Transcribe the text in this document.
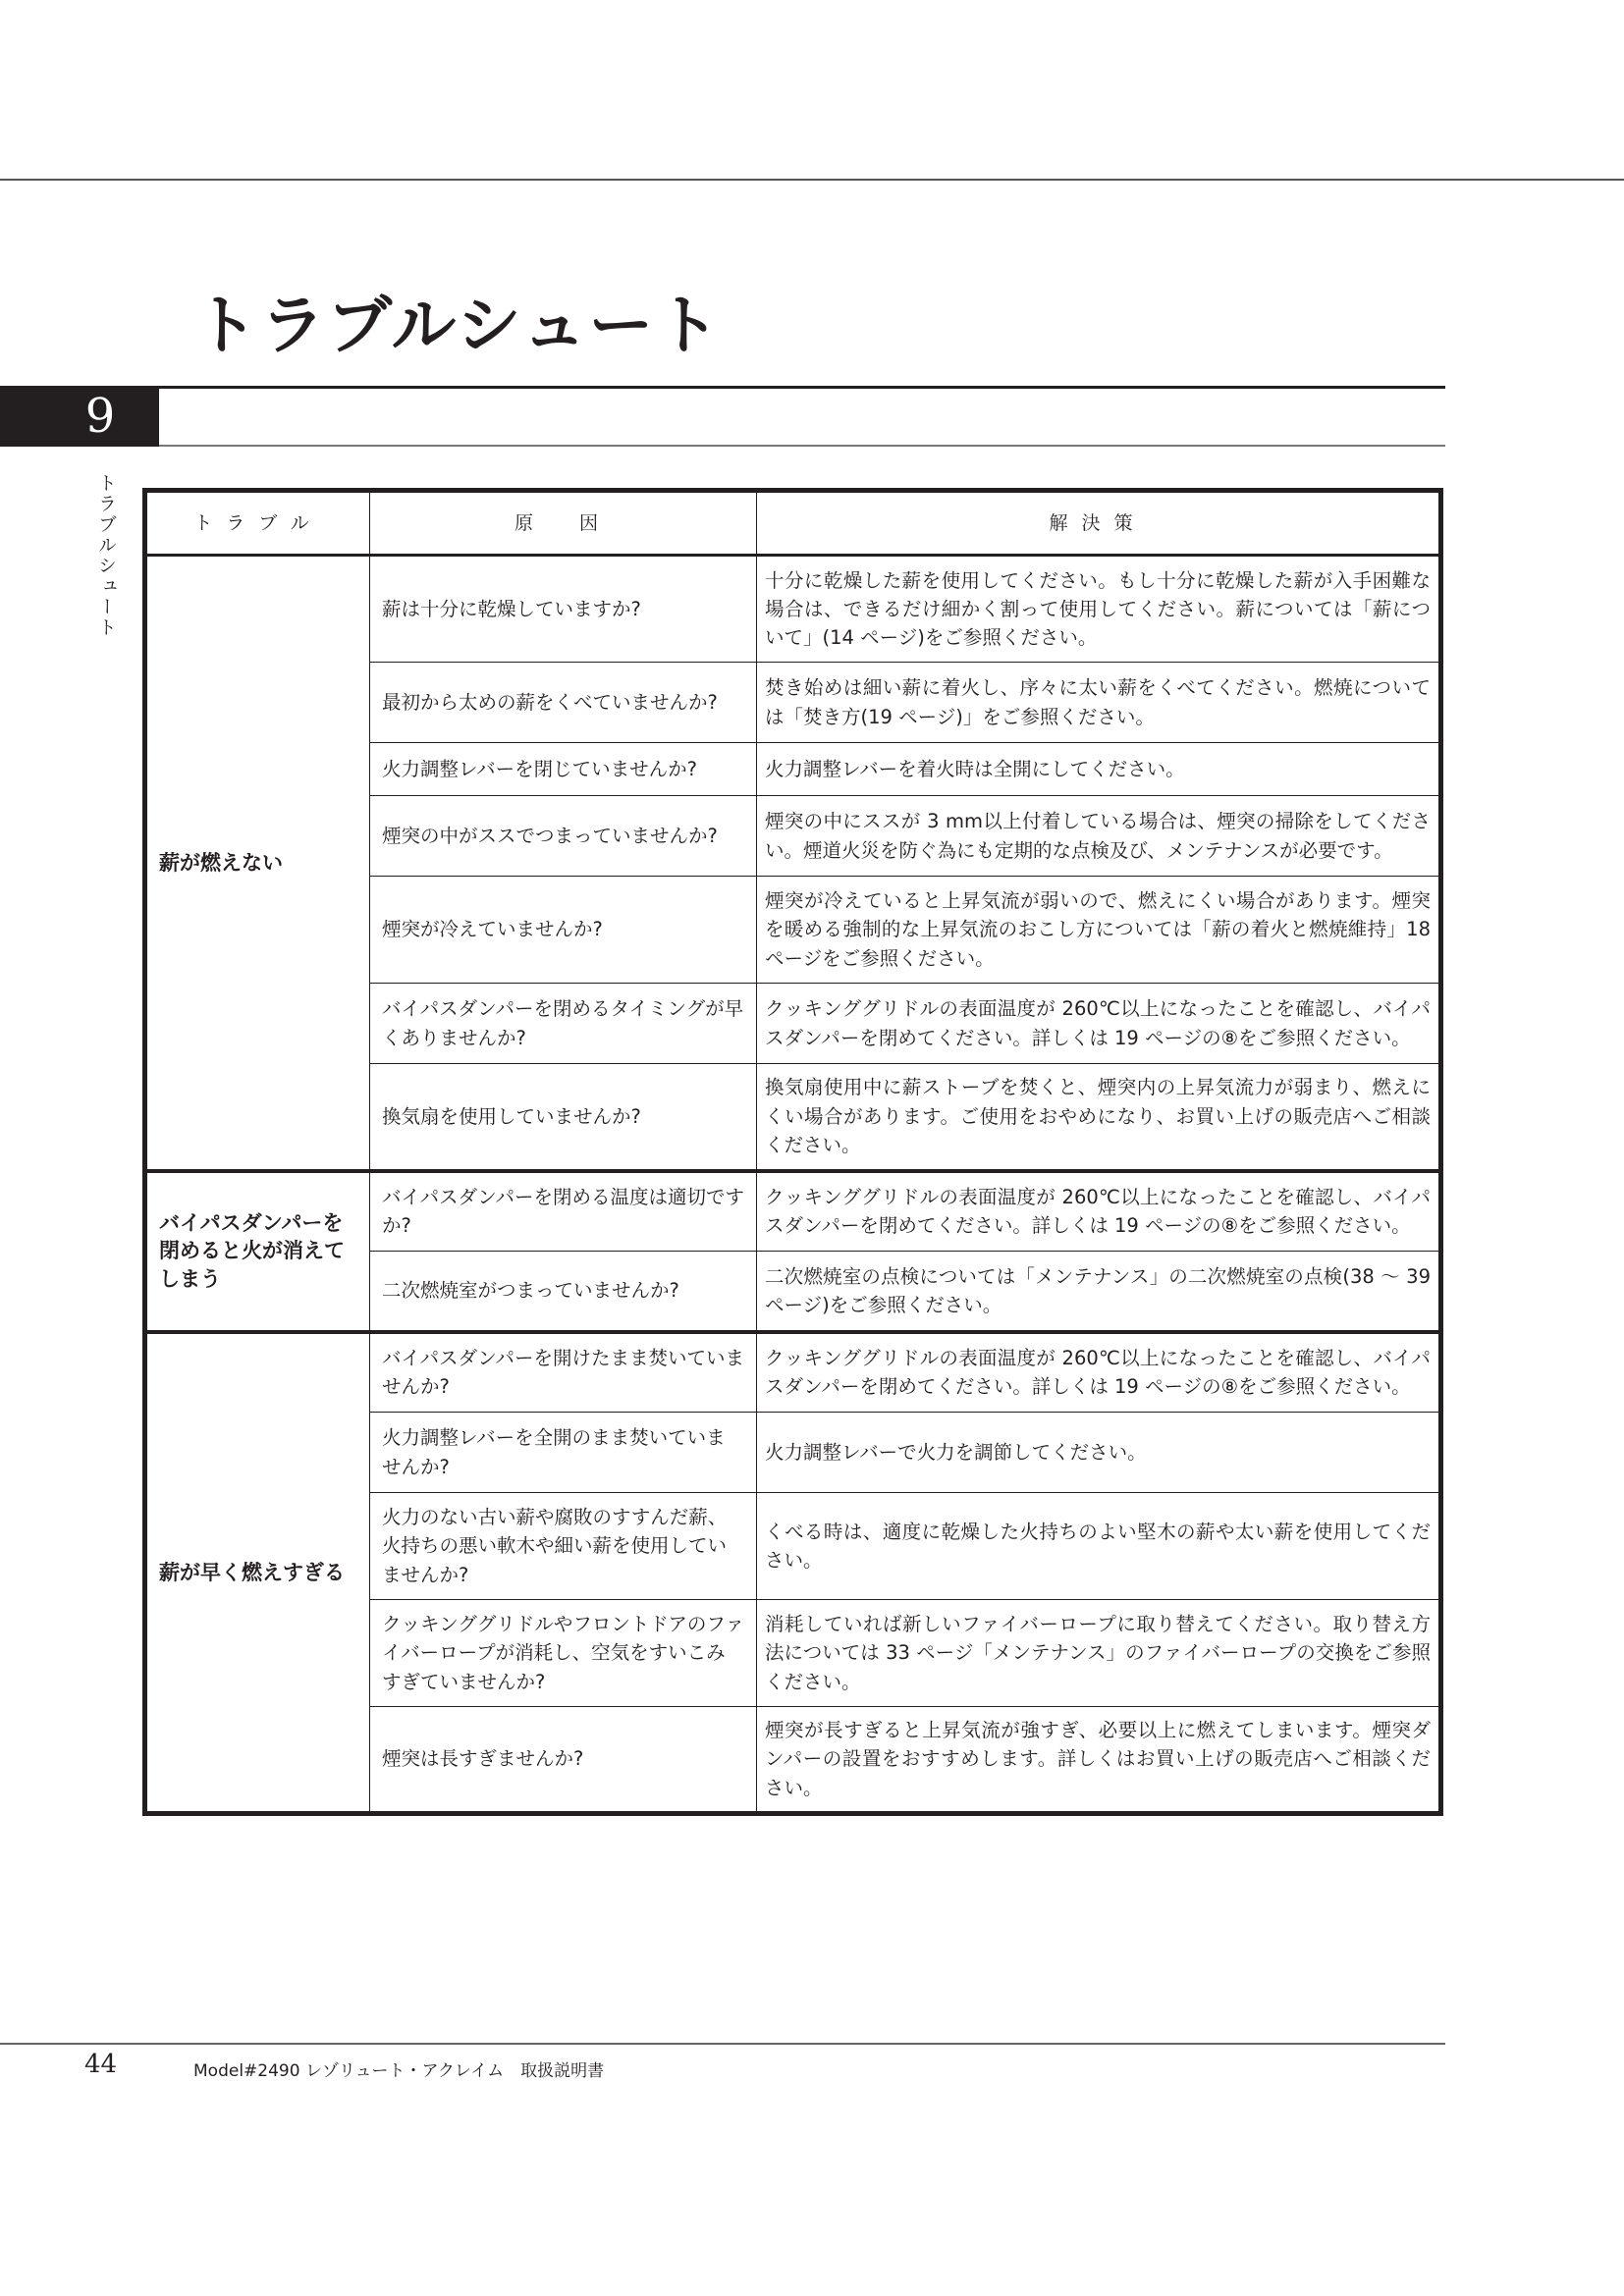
トラブルシュート
9
トラブルシュート	トラブル	原　因	解決策
薪が燃えない	薪は十分に乾燥していますか?	十分に乾燥した薪を使用してください。もし十分に乾燥した薪が入手困難な場合は、できるだけ細かく割って使用してください。薪については「薪について」(14 ページ)をご参照ください。
	最初から太めの薪をくべていませんか?	焚き始めは細い薪に着火し、序々に太い薪をくべてください。燃焼については「焚き方(19 ページ)」をご参照ください。
	火力調整レバーを閉じていませんか?	火力調整レバーを着火時は全開にしてください。
	煙突の中がススでつまっていませんか?	煙突の中にススが 3 mm以上付着している場合は、煙突の掃除をしてください。煙道火災を防ぐ為にも定期的な点検及び、メンテナンスが必要です。
	煙突が冷えていませんか?	煙突が冷えていると上昇気流が弱いので、燃えにくい場合があります。煙突を暖める強制的な上昇気流のおこし方については「薪の着火と燃焼維持」18 ページをご参照ください。
	バイパスダンパーを閉めるタイミングが早くありませんか?	クッキンググリドルの表面温度が 260℃以上になったことを確認し、バイパスダンパーを閉めてください。詳しくは 19 ページの⑧をご参照ください。
	換気扇を使用していませんか?	換気扇使用中に薪ストーブを焚くと、煙突内の上昇気流力が弱まり、燃えにくい場合があります。ご使用をおやめになり、お買い上げの販売店へご相談ください。
バイパスダンパーを閉めると火が消えてしまう	バイパスダンパーを閉める温度は適切ですか?	クッキンググリドルの表面温度が 260℃以上になったことを確認し、バイパスダンパーを閉めてください。詳しくは 19 ページの⑧をご参照ください。
	二次燃焼室がつまっていませんか?	二次燃焼室の点検については「メンテナンス」の二次燃焼室の点検(38 〜 39 ページ)をご参照ください。
薪が早く燃えすぎる	バイパスダンパーを開けたまま焚いていませんか?	クッキンググリドルの表面温度が 260℃以上になったことを確認し、バイパスダンパーを閉めてください。詳しくは 19 ページの⑧をご参照ください。
	火力調整レバーを全開のまま焚いていませんか?	火力調整レバーで火力を調節してください。
	火力のない古い薪や腐敗のすすんだ薪、火持ちの悪い軟木や細い薪を使用していませんか?	くべる時は、適度に乾燥した火持ちのよい堅木の薪や太い薪を使用してください。
	クッキンググリドルやフロントドアのファイバーロープが消耗し、空気をすいこみすぎていませんか?	消耗していれば新しいファイバーロープに取り替えてください。取り替え方法については 33 ページ「メンテナンス」のファイバーロープの交換をご参照ください。
	煙突は長すぎませんか?	煙突が長すぎると上昇気流が強すぎ、必要以上に燃えてしまいます。煙突ダンパーの設置をおすすめします。詳しくはお買い上げの販売店へご相談ください。
44	Model#2490 レゾリュート・アクレイム　取扱説明書
